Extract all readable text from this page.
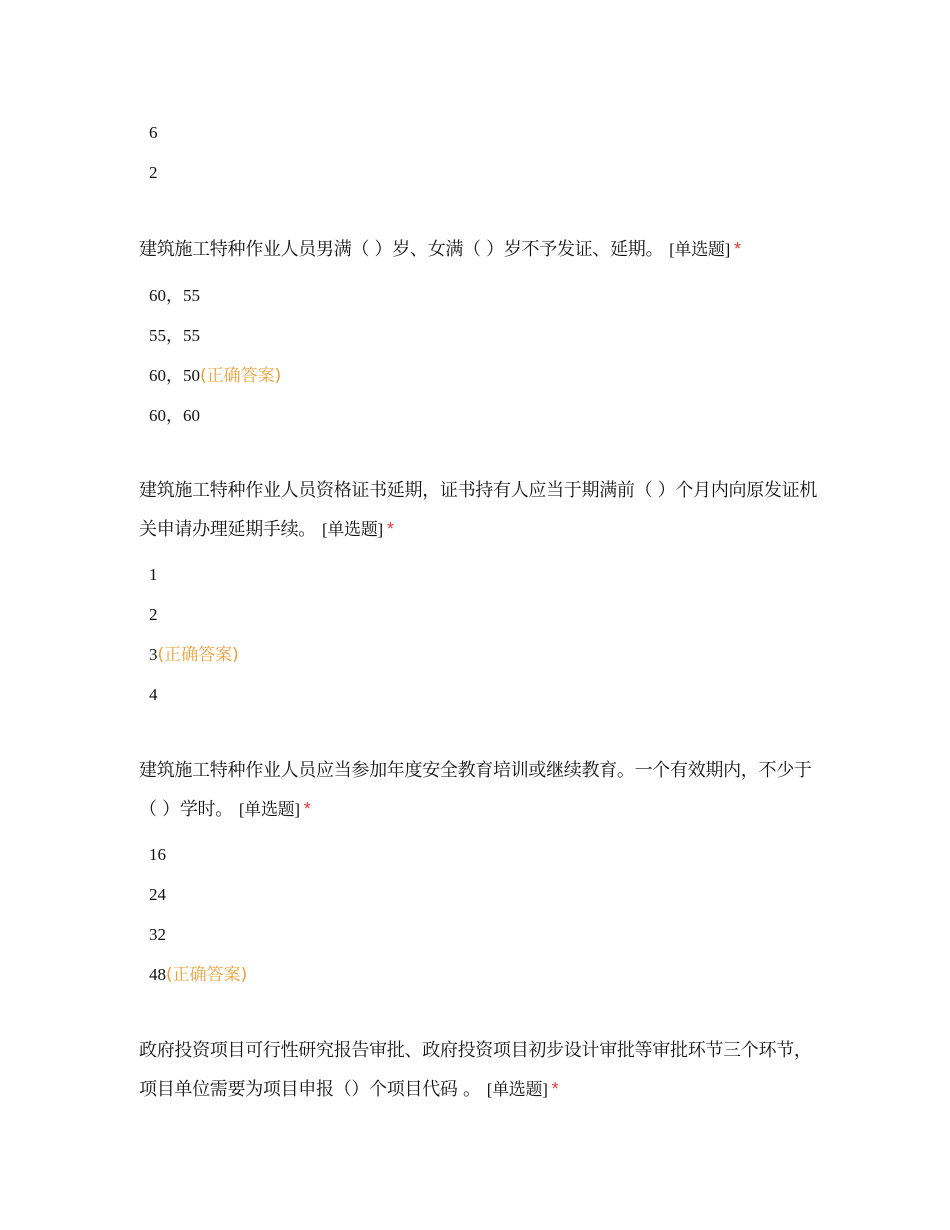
6
2
建筑施工特种作业人员男满（ ）岁、女满（ ）岁不予发证、延期。 [单选题] *
60，55
55，55
60，50(正确答案)
60，60
建筑施工特种作业人员资格证书延期，证书持有人应当于期满前（ ）个月内向原发证机关申请办理延期手续。 [单选题] *
1
2
3(正确答案)
4
建筑施工特种作业人员应当参加年度安全教育培训或继续教育。一个有效期内，不少于（ ）学时。 [单选题] *
16
24
32
48(正确答案)
政府投资项目可行性研究报告审批、政府投资项目初步设计审批等审批环节三个环节，项目单位需要为项目申报（）个项目代码 。 [单选题] *
